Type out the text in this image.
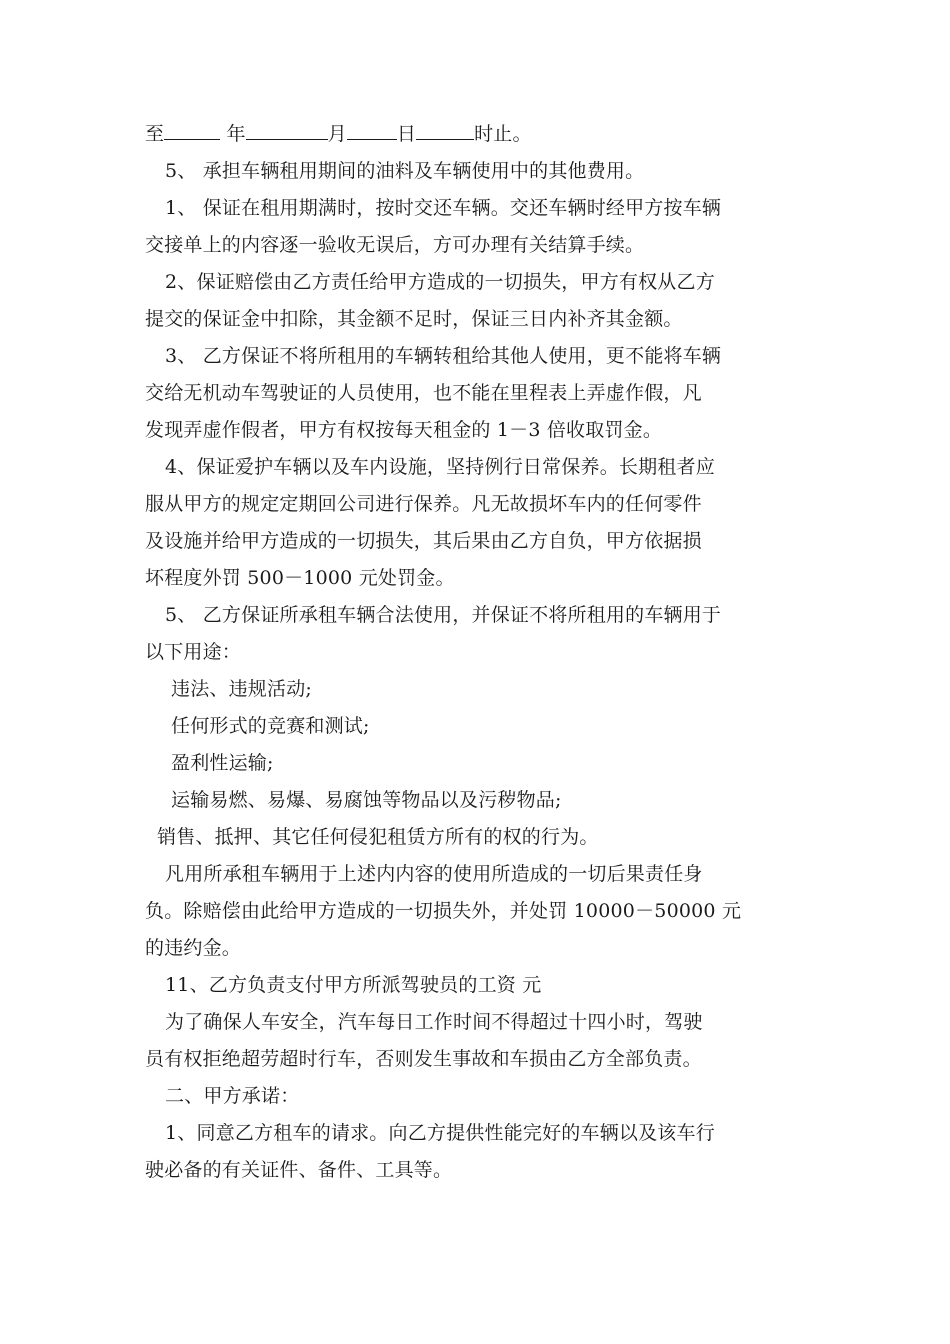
至	年	月	日	时止。
5、 承担车辆租用期间的油料及车辆使用中的其他费用。
1、 保证在租用期满时，按时交还车辆。交还车辆时经甲方按车辆
交接单上的内容逐一验收无误后，方可办理有关结算手续。
2、保证赔偿由乙方责任给甲方造成的一切损失，甲方有权从乙方
提交的保证金中扣除，其金额不足时，保证三日内补齐其金额。
3、 乙方保证不将所租用的车辆转租给其他人使用，更不能将车辆
交给无机动车驾驶证的人员使用，也不能在里程表上弄虚作假，凡
发现弄虚作假者，甲方有权按每天租金的 1－3 倍收取罚金。
4、保证爱护车辆以及车内设施，坚持例行日常保养。长期租者应
服从甲方的规定定期回公司进行保养。凡无故损坏车内的任何零件
及设施并给甲方造成的一切损失，其后果由乙方自负，甲方依据损
坏程度外罚 500－1000 元处罚金。
5、 乙方保证所承租车辆合法使用，并保证不将所租用的车辆用于
以下用途：
违法、违规活动;
任何形式的竞赛和测试;
盈利性运输;
运输易燃、易爆、易腐蚀等物品以及污秽物品;
销售、抵押、其它任何侵犯租赁方所有的权的行为。
凡用所承租车辆用于上述内内容的使用所造成的一切后果责任身
负。除赔偿由此给甲方造成的一切损失外，并处罚 10000－50000 元
的违约金。
11、乙方负责支付甲方所派驾驶员的工资 元
为了确保人车安全，汽车每日工作时间不得超过十四小时，驾驶
员有权拒绝超劳超时行车，否则发生事故和车损由乙方全部负责。
二、甲方承诺：
1、同意乙方租车的请求。向乙方提供性能完好的车辆以及该车行
驶必备的有关证件、备件、工具等。
